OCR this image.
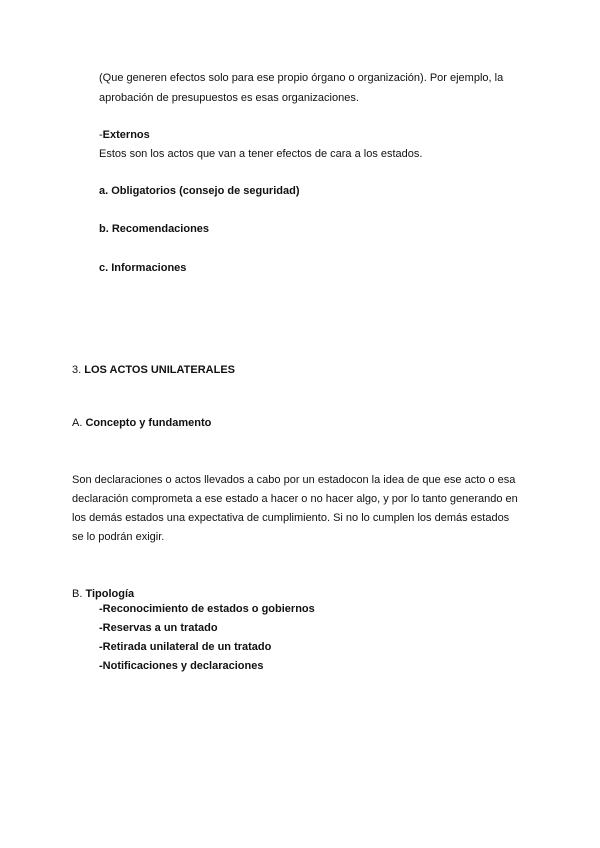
(Que generen efectos solo para ese propio órgano o organización). Por ejemplo, la
aprobación de presupuestos es esas organizaciones.
-Externos
Estos son los actos que van a tener efectos de cara a los estados.
a. Obligatorios (consejo de seguridad)
b. Recomendaciones
c. Informaciones
3. LOS ACTOS UNILATERALES
A. Concepto y fundamento
Son declaraciones o actos llevados a cabo por un estadocon la idea de que ese acto o esa
declaración comprometa a ese estado a hacer o no hacer algo, y por lo tanto generando en
los demás estados una expectativa de cumplimiento. Si no lo cumplen los demás estados
se lo podrán exigir.
B. Tipología
-Reconocimiento de estados o gobiernos
-Reservas a un tratado
-Retirada unilateral de un tratado
-Notificaciones y declaraciones
